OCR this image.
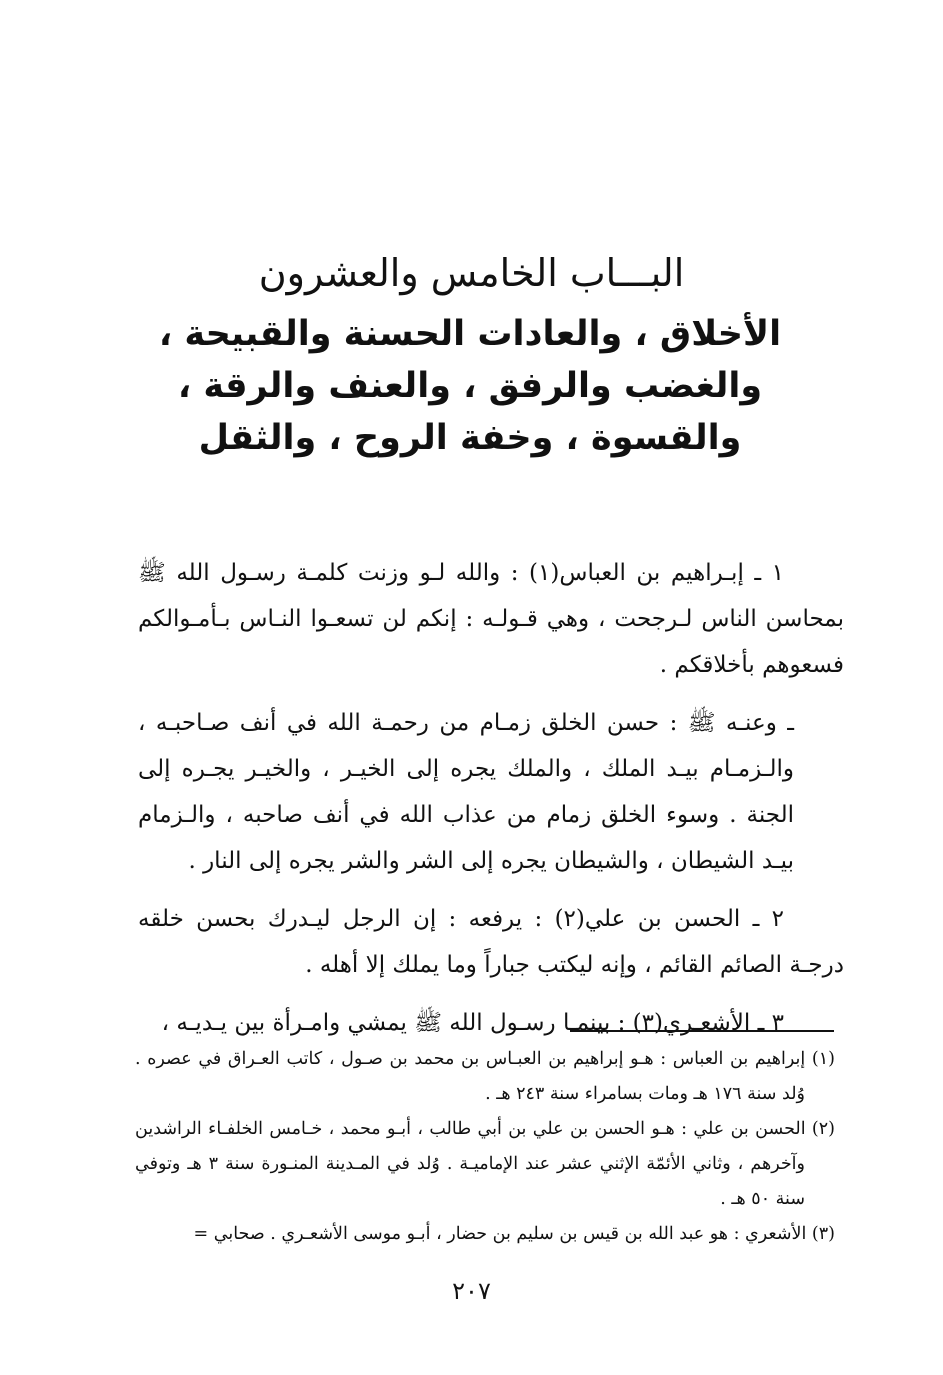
البـــاب الخامس والعشرون
الأخلاق ، والعادات الحسنة والقبيحة ، والغضب والرفق ، والعنف والرقة ، والقسوة ، وخفة الروح ، والثقل

١ ـ إبـراهيم بن العباس(١) : والله لـو وزنت كلمـة رسـول الله ﷺ بمحاسن الناس لـرجحت ، وهي قـولـه : إنكم لن تسعـوا النـاس بـأمـوالكم فسعوهم بأخلاقكم .

ـ وعنـه ﷺ : حسن الخلق زمـام من رحمـة الله في أنف صـاحبـه ، والـزمـام بيـد الملك ، والملك يجره إلى الخيـر ، والخيـر يجـره إلى الجنة . وسوء الخلق زمام من عذاب الله في أنف صاحبه ، والـزمام بيـد الشيطان ، والشيطان يجره إلى الشر والشر يجره إلى النار .

٢ ـ الحسن بن علي(٢) : يرفعه : إن الرجل ليـدرك بحسن خلقه درجـة الصائم القائم ، وإنه ليكتب جباراً وما يملك إلا أهله .

٣ ـ الأشعـري(٣) : بينمـا رسـول الله ﷺ يمشي وامـرأة بين يـديـه ،

(١) إبراهيم بن العباس : هـو إبراهيم بن العبـاس بن محمد بن صـول ، كاتب العـراق في عصره . وُلد سنة ١٧٦ هـ ومات بسامراء سنة ٢٤٣ هـ .

(٢) الحسن بن علي : هـو الحسن بن علي بن أبي طالب ، أبـو محمد ، خـامس الخلفـاء الراشدين وآخرهم ، وثاني الأئمّة الإثني عشر عند الإماميـة . وُلد في المـدينة المنـورة سنة ٣ هـ وتوفي سنة ٥٠ هـ .

(٣) الأشعري : هو عبد الله بن قيس بن سليم بن حضار ، أبـو موسى الأشعـري . صحابي =

٢٠٧
